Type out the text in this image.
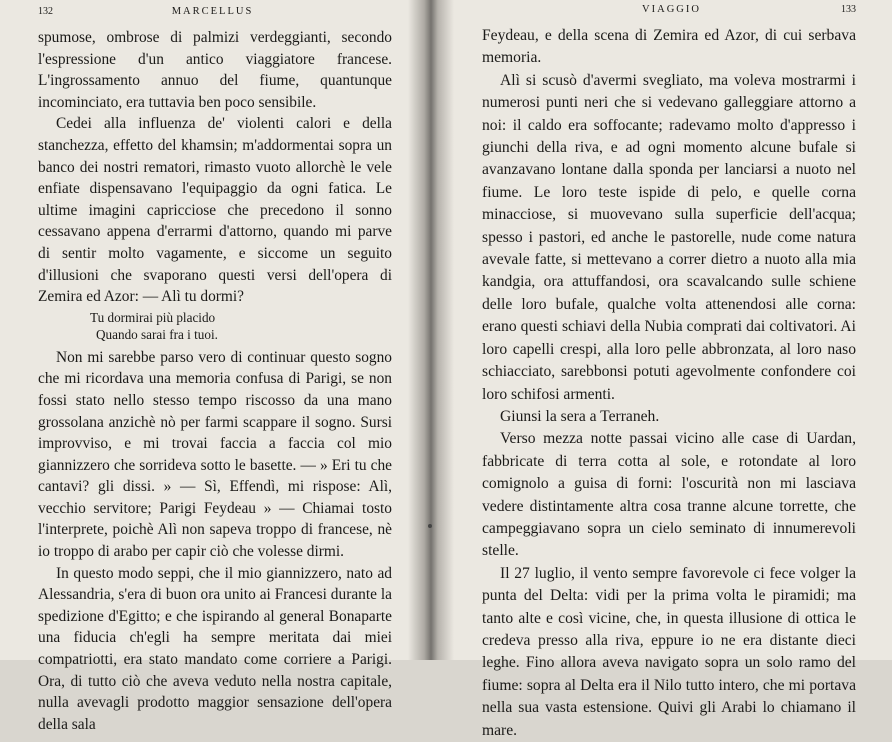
132	MARCELLUS

spumose, ombrose di palmizi verdeggianti, secondo l'espressione d'un antico viaggiatore francese. L'ingrossamento annuo del fiume, quantunque incominciato, era tuttavia ben poco sensibile.

Cedei alla influenza de' violenti calori e della stanchezza, effetto del khamsin; m'addormentai sopra un banco dei nostri rematori, rimasto vuoto allorchè le vele enfiate dispensavano l'equipaggio da ogni fatica. Le ultime imagini capricciose che precedono il sonno cessavano appena d'errarmi d'attorno, quando mi parve di sentir molto vagamente, e siccome un seguito d'illusioni che svaporano questi versi dell'opera di Zemira ed Azor: — Alì tu dormi?

Tu dormirai più placido
Quando sarai fra i tuoi.

Non mi sarebbe parso vero di continuar questo sogno che mi ricordava una memoria confusa di Parigi, se non fossi stato nello stesso tempo riscosso da una mano grossolana anzichè nò per farmi scappare il sogno. Sursi improvviso, e mi trovai faccia a faccia col mio giannizzero che sorrideva sotto le basette. — » Eri tu che cantavi? gli dissi. » — Sì, Effendì, mi rispose: Alì, vecchio servitore; Parigi Feydeau » — Chiamai tosto l'interprete, poichè Alì non sapeva troppo di francese, nè io troppo di arabo per capir ciò che volesse dirmi.

In questo modo seppi, che il mio giannizzero, nato ad Alessandria, s'era di buon ora unito ai Francesi durante la spedizione d'Egitto; e che ispirando al general Bonaparte una fiducia ch'egli ha sempre meritata dai miei compatriotti, era stato mandato come corriere a Parigi. Ora, di tutto ciò che aveva veduto nella nostra capitale, nulla avevagli prodotto maggior sensazione dell'opera della sala

VIAGGIO	133

Feydeau, e della scena di Zemira ed Azor, di cui serbava memoria.

Alì si scusò d'avermi svegliato, ma voleva mostrarmi i numerosi punti neri che si vedevano galleggiare attorno a noi: il caldo era soffocante; radevamo molto d'appresso i giunchi della riva, e ad ogni momento alcune bufale si avanzavano lontane dalla sponda per lanciarsi a nuoto nel fiume. Le loro teste ispide di pelo, e quelle corna minacciose, si muovevano sulla superficie dell'acqua; spesso i pastori, ed anche le pastorelle, nude come natura avevale fatte, si mettevano a correr dietro a nuoto alla mia kandgia, ora attuffandosi, ora scavalcando sulle schiene delle loro bufale, qualche volta attenendosi alle corna: erano questi schiavi della Nubia comprati dai coltivatori. Ai loro capelli crespi, alla loro pelle abbronzata, al loro naso schiacciato, sarebbonsi potuti agevolmente confondere coi loro schifosi armenti.

Giunsi la sera a Terraneh.

Verso mezza notte passai vicino alle case di Uardan, fabbricate di terra cotta al sole, e rotondate al loro comignolo a guisa di forni: l'oscurità non mi lasciava vedere distintamente altra cosa tranne alcune torrette, che campeggiavano sopra un cielo seminato di innumerevoli stelle.

Il 27 luglio, il vento sempre favorevole ci fece volger la punta del Delta: vidi per la prima volta le piramidi; ma tanto alte e così vicine, che, in questa illusione di ottica le credeva presso alla riva, eppure io ne era distante dieci leghe. Fino allora aveva navigato sopra un solo ramo del fiume: sopra al Delta era il Nilo tutto intero, che mi portava nella sua vasta estensione. Quivi gli Arabi lo chiamano il mare.
